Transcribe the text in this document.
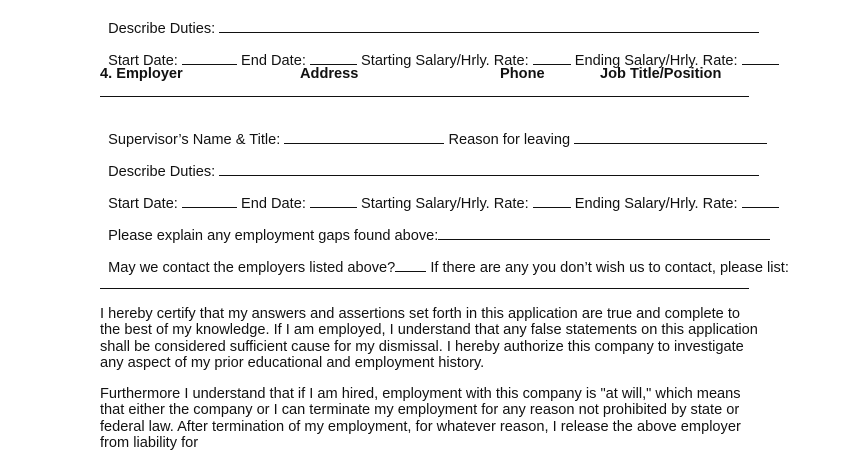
Describe Duties:

Start Date:	End Date:	Starting Salary/Hrly. Rate:	Ending Salary/Hrly. Rate:

4. Employer	Address	Phone	Job Title/Position

Supervisor’s Name & Title:	Reason for leaving

Describe Duties:

Start Date:	End Date:	Starting Salary/Hrly. Rate:	Ending Salary/Hrly. Rate:

Please explain any employment gaps found above:

May we contact the employers listed above? If there are any you don’t wish us to contact, please list:

I hereby certify that my answers and assertions set forth in this application are true and complete to the best of my knowledge. If I am employed, I understand that any false statements on this application shall be considered sufficient cause for my dismissal. I hereby authorize this company to investigate any aspect of my prior educational and employment history.

Furthermore I understand that if I am hired, employment with this company is "at will," which means that either the company or I can terminate my employment for any reason not prohibited by state or federal law. After termination of my employment, for whatever reason, I release the above employer from liability for
